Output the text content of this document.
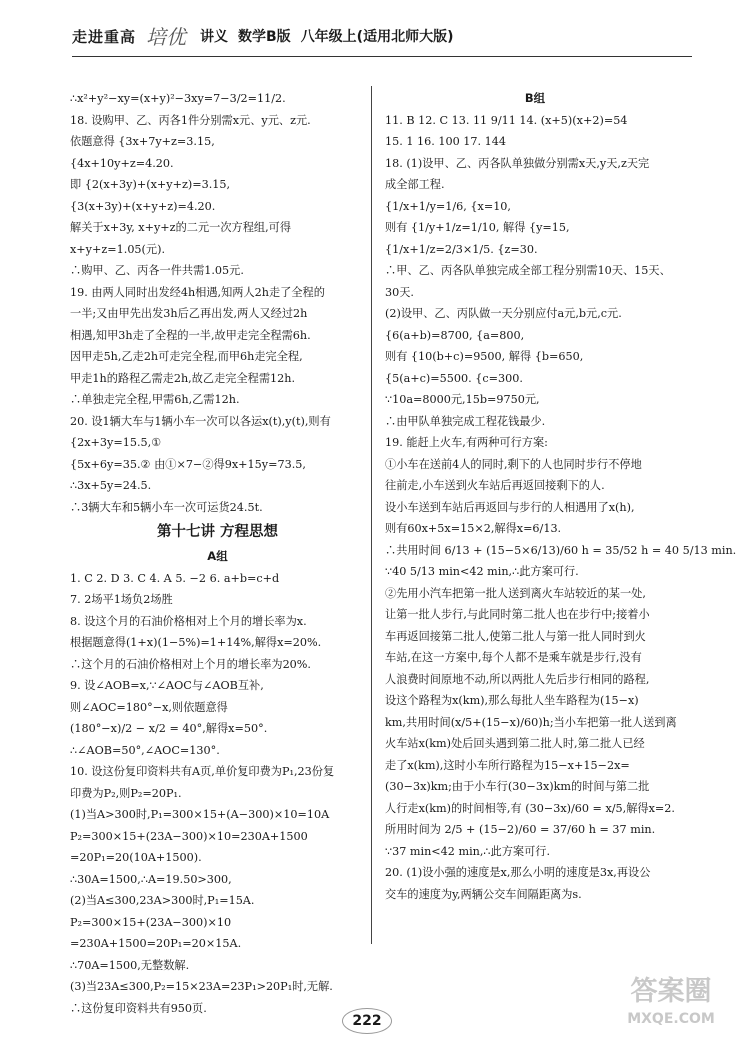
走进重高 培优 讲义 数学B版 八年级上(适用北师大版)
∴x²+y²−xy=(x+y)²−3xy=7−3/2=11/2.
18. 设购甲、乙、丙各1件分别需x元、y元、z元.
依题意得 {3x+7y+z=3.15,
{4x+10y+z=4.20.
即 {2(x+3y)+(x+y+z)=3.15,
{3(x+3y)+(x+y+z)=4.20.
解关于x+3y, x+y+z的二元一次方程组,可得
x+y+z=1.05(元).
∴购甲、乙、丙各一件共需1.05元.
19. 由两人同时出发经4h相遇,知两人2h走了全程的
一半;又由甲先出发3h后乙再出发,两人又经过2h
相遇,知甲3h走了全程的一半,故甲走完全程需6h.
因甲走5h,乙走2h可走完全程,而甲6h走完全程,
甲走1h的路程乙需走2h,故乙走完全程需12h.
∴单独走完全程,甲需6h,乙需12h.
20. 设1辆大车与1辆小车一次可以各运x(t),y(t),则有
{2x+3y=15.5,①
{5x+6y=35.② 由①×7−②得9x+15y=73.5,
∴3x+5y=24.5.
∴3辆大车和5辆小车一次可运货24.5t.
第十七讲 方程思想
A组
1. C 2. D 3. C 4. A 5. −2 6. a+b=c+d
7. 2场平1场负2场胜
8. 设这个月的石油价格相对上个月的增长率为x.
根据题意得(1+x)(1−5%)=1+14%,解得x=20%.
∴这个月的石油价格相对上个月的增长率为20%.
9. 设∠AOB=x,∵∠AOC与∠AOB互补,
则∠AOC=180°−x,则依题意得
(180°−x)/2 − x/2 = 40°,解得x=50°.
∴∠AOB=50°,∠AOC=130°.
10. 设这份复印资料共有A页,单价复印费为P₁,23份复
印费为P₂,则P₂=20P₁.
(1)当A>300时,P₁=300×15+(A−300)×10=10A
P₂=300×15+(23A−300)×10=230A+1500
=20P₁=20(10A+1500).
∴30A=1500,∴A=19.50>300,
(2)当A≤300,23A>300时,P₁=15A.
P₂=300×15+(23A−300)×10
=230A+1500=20P₁=20×15A.
∴70A=1500,无整数解.
(3)当23A≤300,P₂=15×23A=23P₁>20P₁时,无解.
∴这份复印资料共有950页.
B组
11. B 12. C 13. 11 9/11 14. (x+5)(x+2)=54
15. 1 16. 100 17. 144
18. (1)设甲、乙、丙各队单独做分别需x天,y天,z天完
成全部工程.
{1/x+1/y=1/6, {x=10,
则有 {1/y+1/z=1/10, 解得 {y=15,
{1/x+1/z=2/3×1/5. {z=30.
∴甲、乙、丙各队单独完成全部工程分别需10天、15天、
30天.
(2)设甲、乙、丙队做一天分别应付a元,b元,c元.
{6(a+b)=8700, {a=800,
则有 {10(b+c)=9500, 解得 {b=650,
{5(a+c)=5500. {c=300.
∵10a=8000元,15b=9750元,
∴由甲队单独完成工程花钱最少.
19. 能赶上火车,有两种可行方案:
①小车在送前4人的同时,剩下的人也同时步行不停地
往前走,小车送到火车站后再返回接剩下的人.
设小车送到车站后再返回与步行的人相遇用了x(h),
则有60x+5x=15×2,解得x=6/13.
∴共用时间 6/13 + (15−5×6/13)/60 h = 35/52 h = 40 5/13 min.
∵40 5/13 min<42 min,∴此方案可行.
②先用小汽车把第一批人送到离火车站较近的某一处,
让第一批人步行,与此同时第二批人也在步行中;接着小
车再返回接第二批人,使第二批人与第一批人同时到火
车站,在这一方案中,每个人都不是乘车就是步行,没有
人浪费时间原地不动,所以两批人先后步行相同的路程,
设这个路程为x(km),那么每批人坐车路程为(15−x)
km,共用时间(x/5+(15−x)/60)h;当小车把第一批人送到离
火车站x(km)处后回头遇到第二批人时,第二批人已经
走了x(km),这时小车所行路程为15−x+15−2x=
(30−3x)km;由于小车行(30−3x)km的时间与第二批
人行走x(km)的时间相等,有 (30−3x)/60 = x/5,解得x=2.
所用时间为 2/5 + (15−2)/60 = 37/60 h = 37 min.
∵37 min<42 min,∴此方案可行.
20. (1)设小强的速度是x,那么小明的速度是3x,再设公
交车的速度为y,两辆公交车间隔距离为s.
222
答案圈
MXQE.COM
